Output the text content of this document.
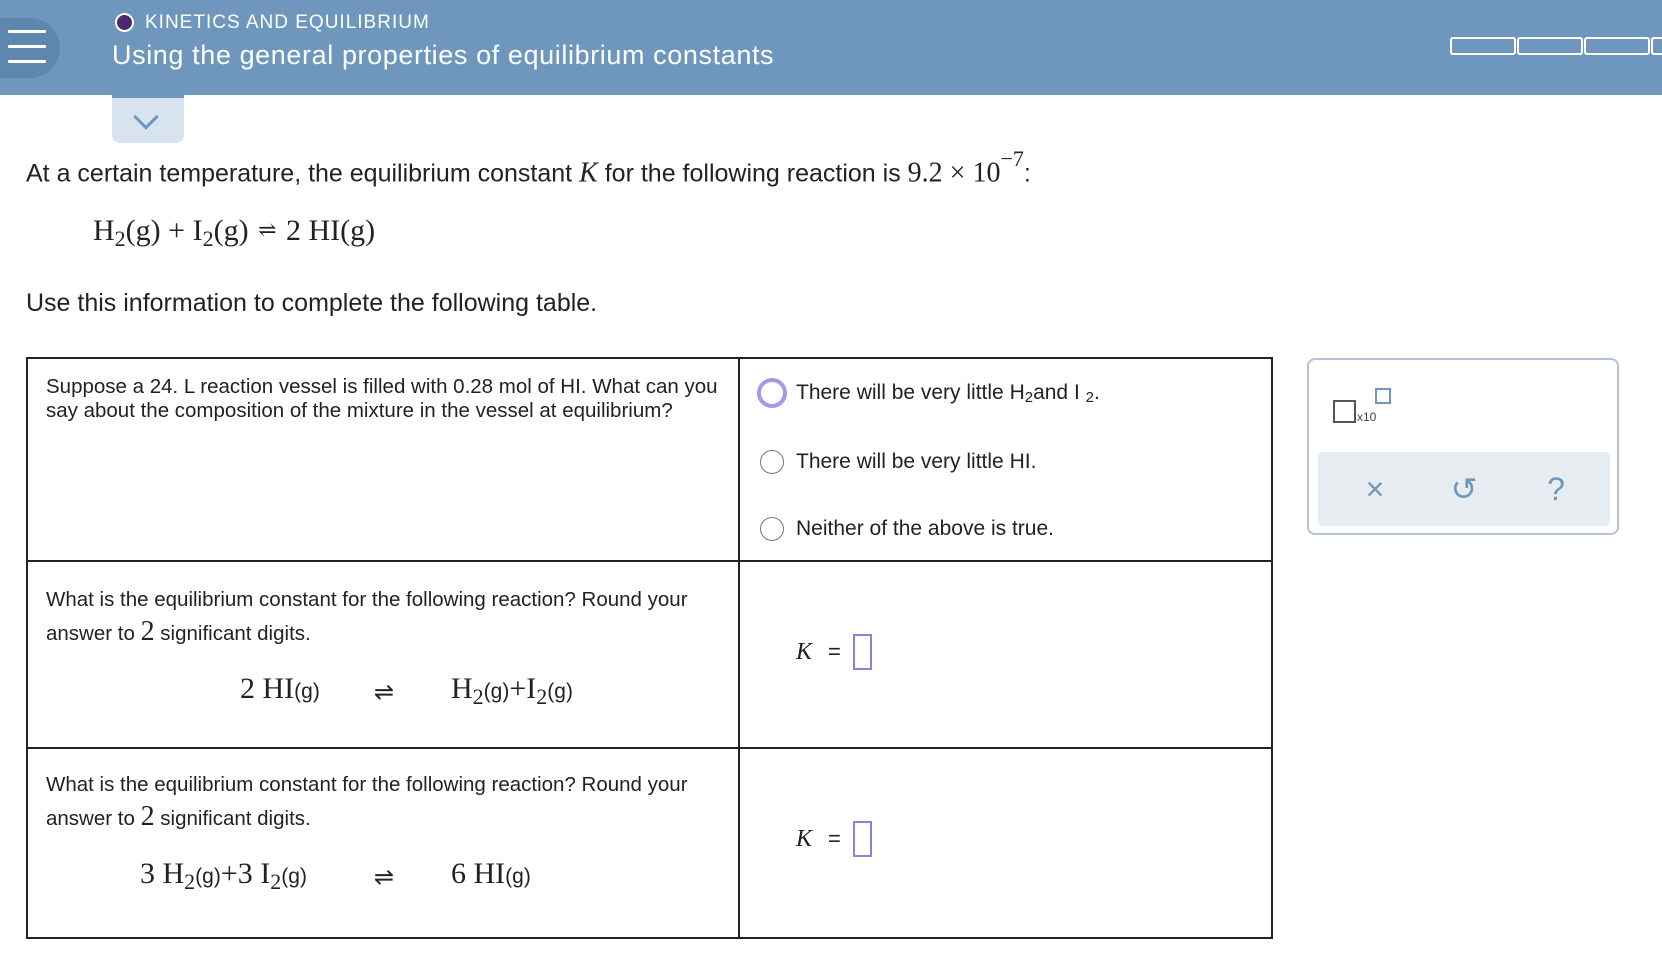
KINETICS AND EQUILIBRIUM
Using the general properties of equilibrium constants
At a certain temperature, the equilibrium constant K for the following reaction is $9.2 \times 10^{-7}$:
$H_2(g) + I_2(g)$ ⇌ 2 HI(g)
Use this information to complete the following table.
Suppose a 24. L reaction vessel is filled with 0.28 mol of HI. What can you say about the composition of the mixture in the vessel at equilibrium?
There will be very little $H_2$ and I
$_2$ .
There will be very little HI.
Neither of the above is true.
What is the equilibrium constant for the following reaction? Round your answer to 2 significant digits.
2 HI(g) ⇌ $H_2(g)+I_2(g)$
K =
What is the equilibrium constant for the following reaction? Round your answer to 2 significant digits.
3 $H_2(g)+3$ $I_2(g)$	⇌ 6 HI(g)
K =
x10
× ↺ ?
